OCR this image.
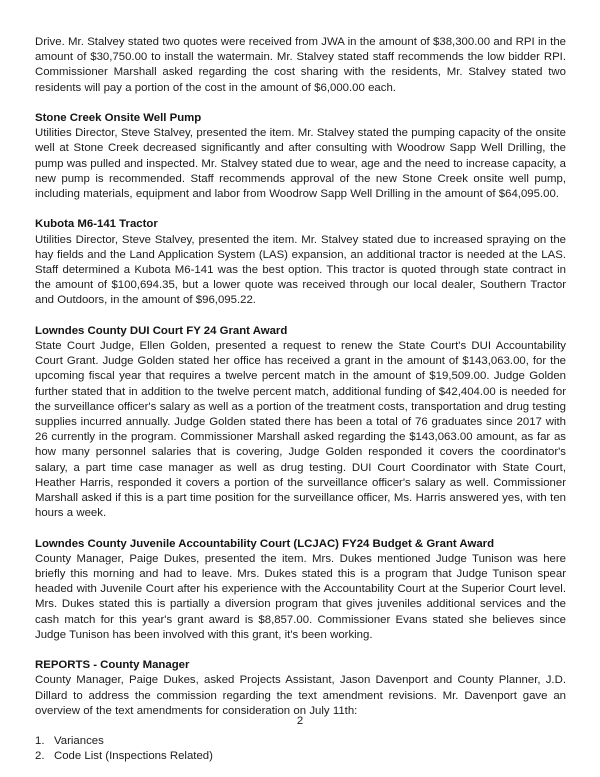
Drive. Mr. Stalvey stated two quotes were received from JWA in the amount of $38,300.00 and RPI in the amount of $30,750.00 to install the watermain. Mr. Stalvey stated staff recommends the low bidder RPI. Commissioner Marshall asked regarding the cost sharing with the residents, Mr. Stalvey stated two residents will pay a portion of the cost in the amount of $6,000.00 each.

Stone Creek Onsite Well Pump

Utilities Director, Steve Stalvey, presented the item. Mr. Stalvey stated the pumping capacity of the onsite well at Stone Creek decreased significantly and after consulting with Woodrow Sapp Well Drilling, the pump was pulled and inspected. Mr. Stalvey stated due to wear, age and the need to increase capacity, a new pump is recommended. Staff recommends approval of the new Stone Creek onsite well pump, including materials, equipment and labor from Woodrow Sapp Well Drilling in the amount of $64,095.00.

Kubota M6-141 Tractor

Utilities Director, Steve Stalvey, presented the item. Mr. Stalvey stated due to increased spraying on the hay fields and the Land Application System (LAS) expansion, an additional tractor is needed at the LAS. Staff determined a Kubota M6-141 was the best option. This tractor is quoted through state contract in the amount of $100,694.35, but a lower quote was received through our local dealer, Southern Tractor and Outdoors, in the amount of $96,095.22.

Lowndes County DUI Court FY 24 Grant Award

State Court Judge, Ellen Golden, presented a request to renew the State Court's DUI Accountability Court Grant. Judge Golden stated her office has received a grant in the amount of $143,063.00, for the upcoming fiscal year that requires a twelve percent match in the amount of $19,509.00. Judge Golden further stated that in addition to the twelve percent match, additional funding of $42,404.00 is needed for the surveillance officer's salary as well as a portion of the treatment costs, transportation and drug testing supplies incurred annually. Judge Golden stated there has been a total of 76 graduates since 2017 with 26 currently in the program. Commissioner Marshall asked regarding the $143,063.00 amount, as far as how many personnel salaries that is covering, Judge Golden responded it covers the coordinator's salary, a part time case manager as well as drug testing. DUI Court Coordinator with State Court, Heather Harris, responded it covers a portion of the surveillance officer's salary as well. Commissioner Marshall asked if this is a part time position for the surveillance officer, Ms. Harris answered yes, with ten hours a week.

Lowndes County Juvenile Accountability Court (LCJAC) FY24 Budget & Grant Award

County Manager, Paige Dukes, presented the item. Mrs. Dukes mentioned Judge Tunison was here briefly this morning and had to leave. Mrs. Dukes stated this is a program that Judge Tunison spear headed with Juvenile Court after his experience with the Accountability Court at the Superior Court level. Mrs. Dukes stated this is partially a diversion program that gives juveniles additional services and the cash match for this year's grant award is $8,857.00. Commissioner Evans stated she believes since Judge Tunison has been involved with this grant, it's been working.

REPORTS - County Manager

County Manager, Paige Dukes, asked Projects Assistant, Jason Davenport and County Planner, J.D. Dillard to address the commission regarding the text amendment revisions. Mr. Davenport gave an overview of the text amendments for consideration on July 11th:

1. Variances
2. Code List (Inspections Related)
2
